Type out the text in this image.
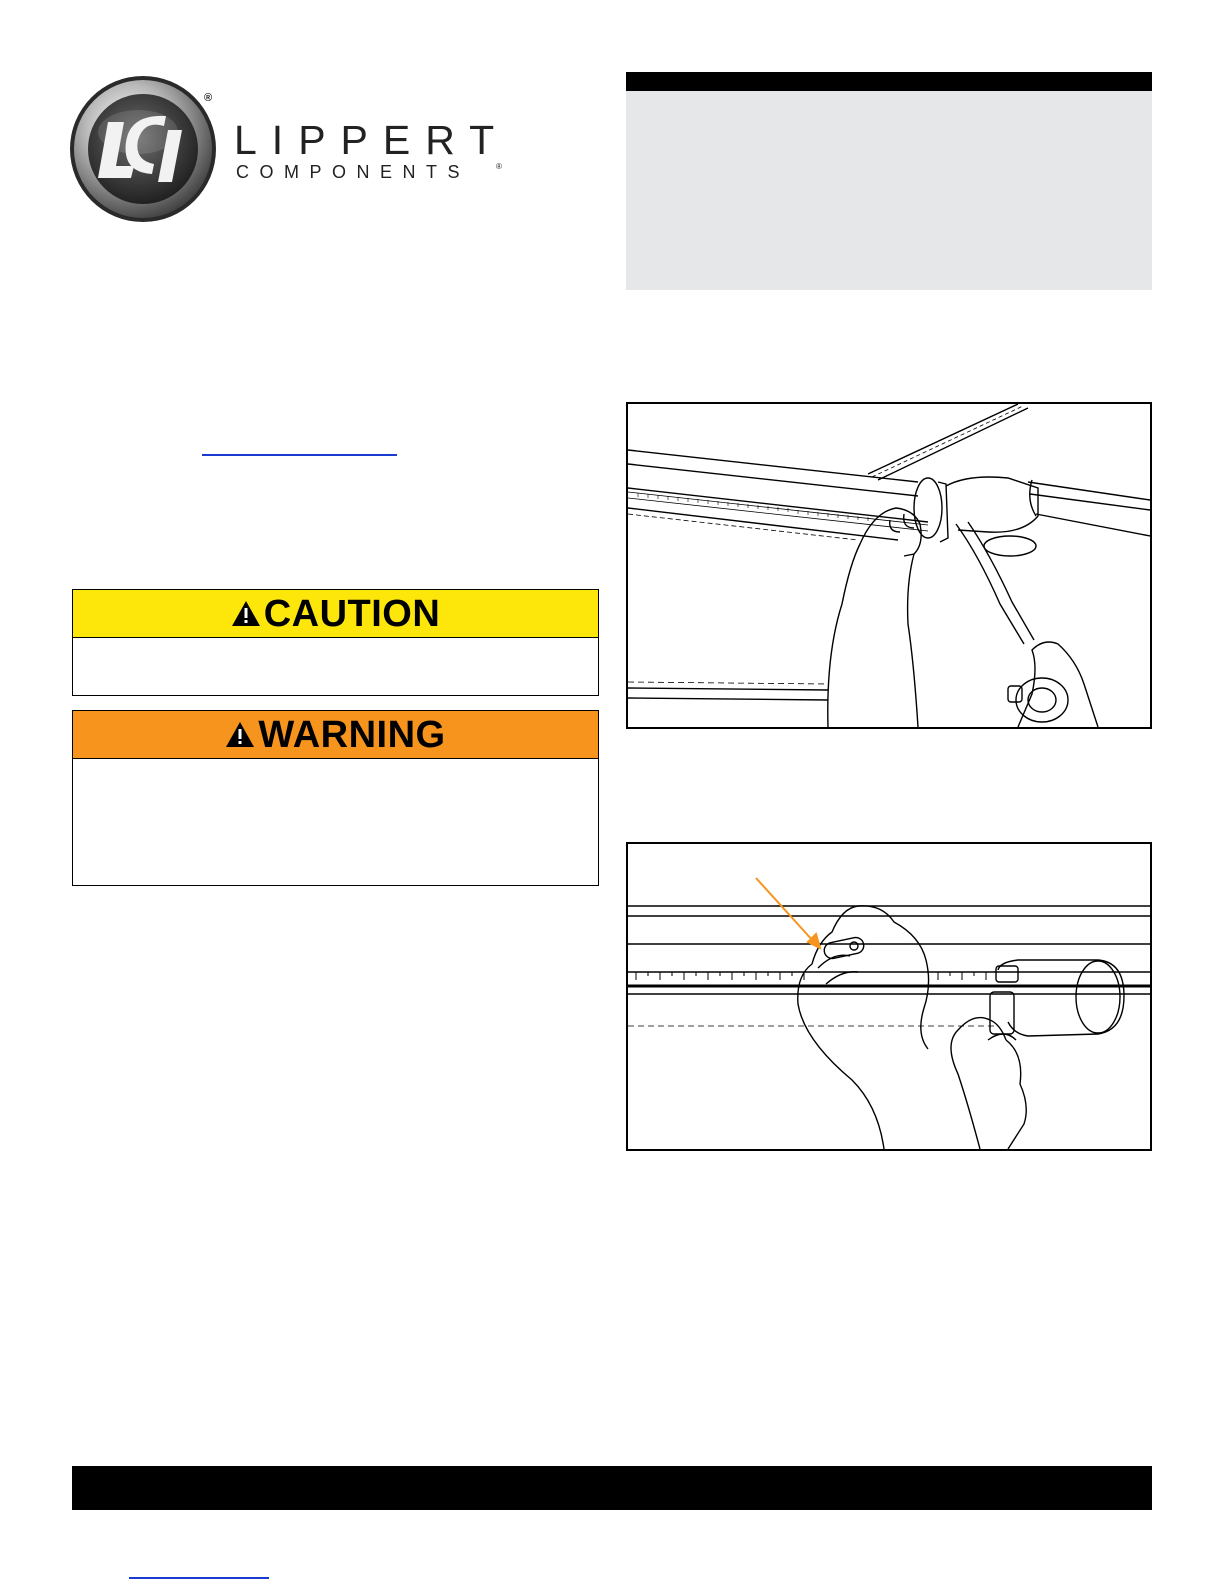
®
LIPPERT
COMPONENTS	®
CAUTION
WARNING
